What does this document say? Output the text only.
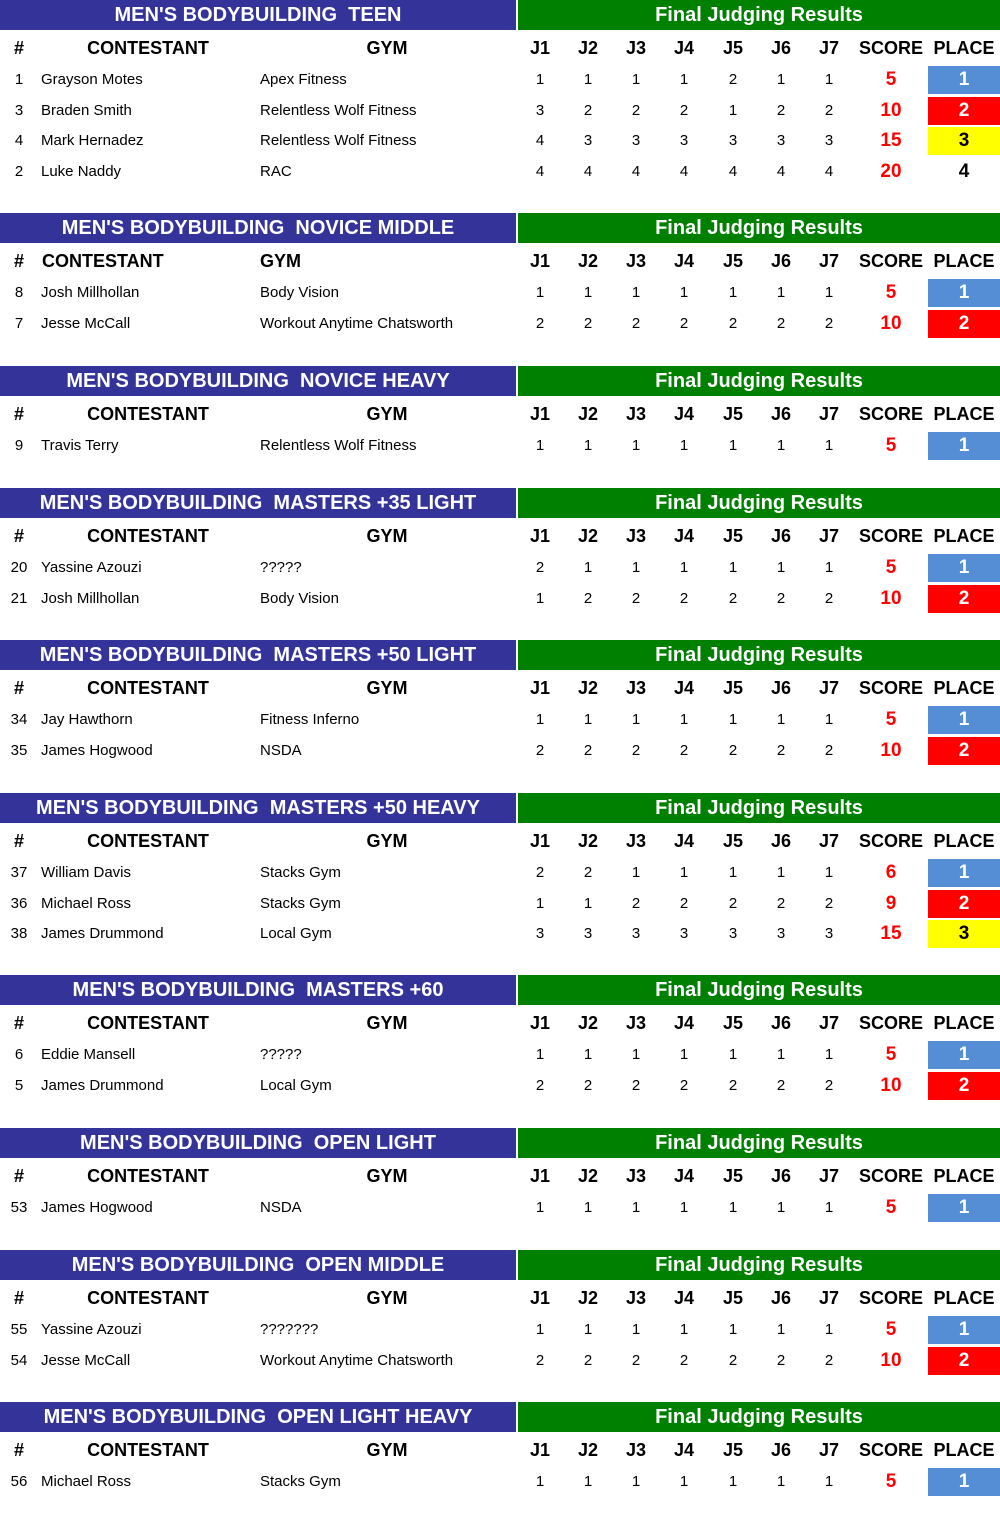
MEN'S BODYBUILDING  TEEN	Final Judging Results
#	CONTESTANT	GYM	J1	J2	J3	J4	J5	J6	J7	SCORE PLACE
1	Grayson Motes	Apex Fitness	1	1	1	1	2	1	1	5	1
3	Braden Smith	Relentless Wolf Fitness	3	2	2	2	1	2	2	10	2
4	Mark Hernadez	Relentless Wolf Fitness	4	3	3	3	3	3	3	15	3
2	Luke Naddy	RAC	4	4	4	4	4	4	4	20	4
MEN'S BODYBUILDING  NOVICE MIDDLE	Final Judging Results
#	CONTESTANT	GYM	J1	J2	J3	J4	J5	J6	J7	SCORE PLACE
8	Josh Millhollan	Body Vision	1	1	1	1	1	1	1	5	1
7	Jesse McCall	Workout Anytime Chatsworth	2	2	2	2	2	2	2	10	2
MEN'S BODYBUILDING  NOVICE HEAVY	Final Judging Results
#	CONTESTANT	GYM	J1	J2	J3	J4	J5	J6	J7	SCORE PLACE
9	Travis Terry	Relentless Wolf Fitness	1	1	1	1	1	1	1	5	1
MEN'S BODYBUILDING  MASTERS +35 LIGHT	Final Judging Results
#	CONTESTANT	GYM	J1	J2	J3	J4	J5	J6	J7	SCORE PLACE
20 Yassine Azouzi	?????	2	1	1	1	1	1	1	5	1
21 Josh Millhollan	Body Vision	1	2	2	2	2	2	2	10	2
MEN'S BODYBUILDING  MASTERS +50 LIGHT	Final Judging Results
#	CONTESTANT	GYM	J1	J2	J3	J4	J5	J6	J7	SCORE PLACE
34 Jay Hawthorn	Fitness Inferno	1	1	1	1	1	1	1	5	1
35 James Hogwood	NSDA	2	2	2	2	2	2	2	10	2
MEN'S BODYBUILDING  MASTERS +50 HEAVY	Final Judging Results
#	CONTESTANT	GYM	J1	J2	J3	J4	J5	J6	J7	SCORE PLACE
37 William Davis	Stacks Gym	2	2	1	1	1	1	1	6	1
36 Michael Ross	Stacks Gym	1	1	2	2	2	2	2	9	2
38 James Drummond	Local Gym	3	3	3	3	3	3	3	15	3
MEN'S BODYBUILDING  MASTERS +60	Final Judging Results
#	CONTESTANT	GYM	J1	J2	J3	J4	J5	J6	J7	SCORE PLACE
6	Eddie Mansell	?????	1	1	1	1	1	1	1	5	1
5	James Drummond	Local Gym	2	2	2	2	2	2	2	10	2
MEN'S BODYBUILDING  OPEN LIGHT	Final Judging Results
#	CONTESTANT	GYM	J1	J2	J3	J4	J5	J6	J7	SCORE PLACE
53 James Hogwood	NSDA	1	1	1	1	1	1	1	5	1
MEN'S BODYBUILDING  OPEN MIDDLE	Final Judging Results
#	CONTESTANT	GYM	J1	J2	J3	J4	J5	J6	J7	SCORE PLACE
55 Yassine Azouzi	???????	1	1	1	1	1	1	1	5	1
54 Jesse McCall	Workout Anytime Chatsworth	2	2	2	2	2	2	2	10	2
MEN'S BODYBUILDING  OPEN LIGHT HEAVY	Final Judging Results
#	CONTESTANT	GYM	J1	J2	J3	J4	J5	J6	J7	SCORE PLACE
56 Michael Ross	Stacks Gym	1	1	1	1	1	1	1	5	1
